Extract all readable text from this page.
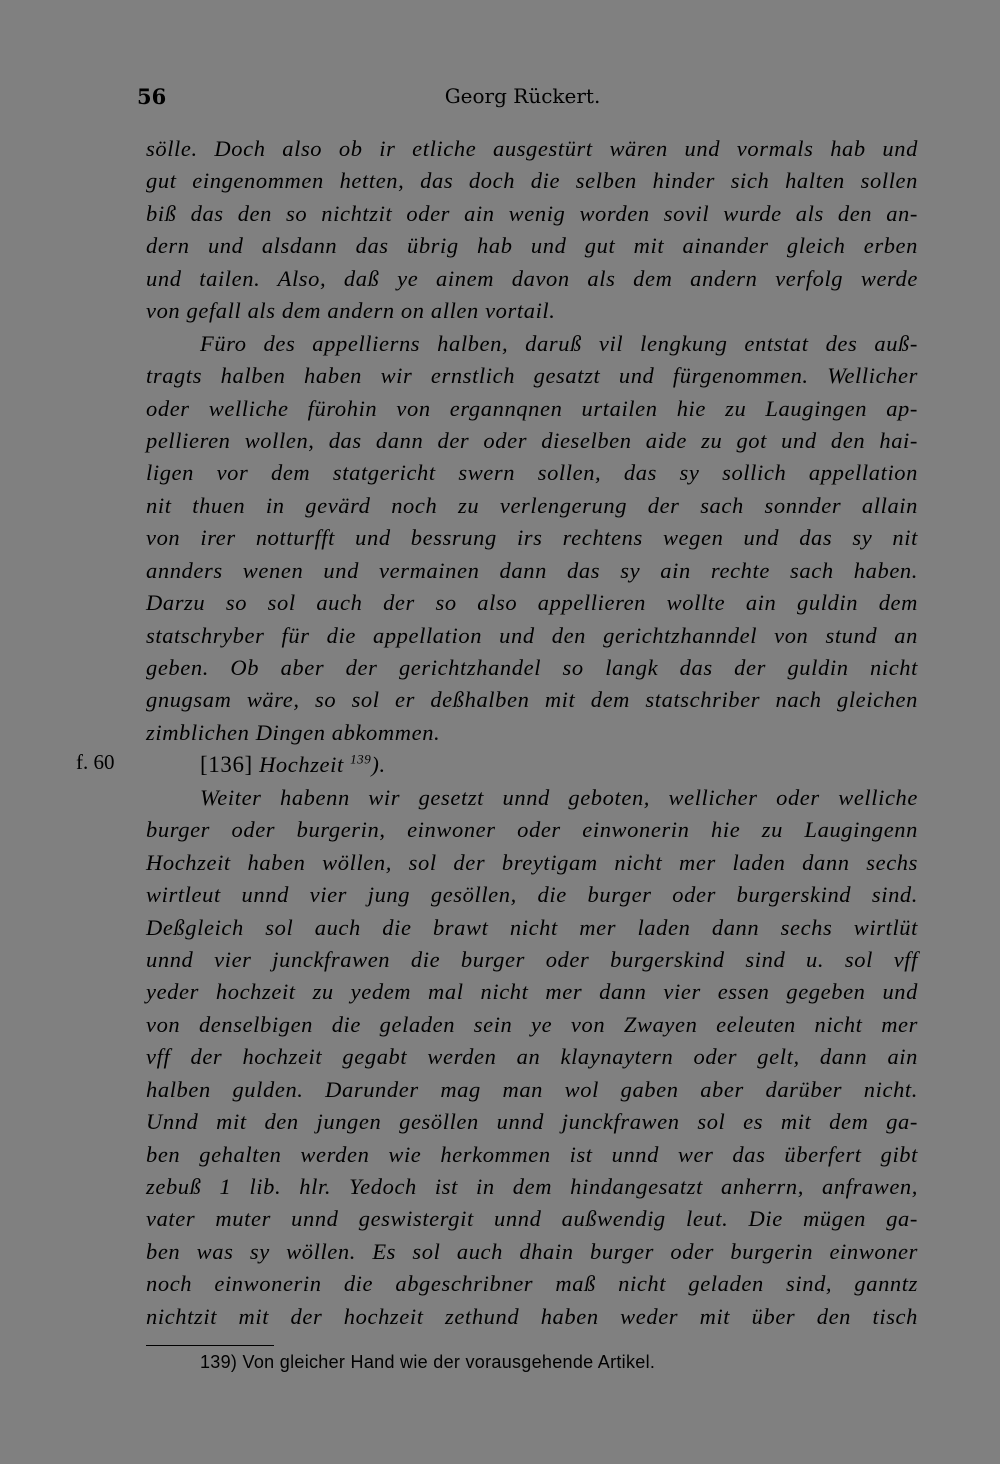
56	Georg Rückert.
f. 60
sölle. Doch also ob ir etliche ausgestürt wären und vormals hab und
gut eingenommen hetten, das doch die selben hinder sich halten sollen
biß das den so nichtzit oder ain wenig worden sovil wurde als den an-
dern und alsdann das übrig hab und gut mit ainander gleich erben
und tailen. Also, daß ye ainem davon als dem andern verfolg werde
von gefall als dem andern on allen vortail.
Füro des appellierns halben, daruß vil lengkung entstat des auß-
tragts halben haben wir ernstlich gesatzt und fürgenommen. Wellicher
oder welliche fürohin von ergannqnen urtailen hie zu Laugingen ap-
pellieren wollen, das dann der oder dieselben aide zu got und den hai-
ligen vor dem statgericht swern sollen, das sy sollich appellation
nit thuen in gevärd noch zu verlengerung der sach sonnder allain
von irer notturfft und bessrung irs rechtens wegen und das sy nit
annders wenen und vermainen dann das sy ain rechte sach haben.
Darzu so sol auch der so also appellieren wollte ain guldin dem
statschryber für die appellation und den gerichtzhanndel von stund an
geben. Ob aber der gerichtzhandel so langk das der guldin nicht
gnugsam wäre, so sol er deßhalben mit dem statschriber nach gleichen
zimblichen Dingen abkommen.
[136] Hochzeit $^{139}$).
Weiter habenn wir gesetzt unnd geboten, wellicher oder welliche
burger oder burgerin, einwoner oder einwonerin hie zu Laugingenn
Hochzeit haben wöllen, sol der breytigam nicht mer laden dann sechs
wirtleut unnd vier jung gesöllen, die burger oder burgerskind sind.
Deßgleich sol auch die brawt nicht mer laden dann sechs wirtlüt
unnd vier junckfrawen die burger oder burgerskind sind u. sol vff
yeder hochzeit zu yedem mal nicht mer dann vier essen gegeben und
von denselbigen die geladen sein ye von Zwayen eeleuten nicht mer
vff der hochzeit gegabt werden an klaynaytern oder gelt, dann ain
halben gulden. Darunder mag man wol gaben aber darüber nicht.
Unnd mit den jungen gesöllen unnd junckfrawen sol es mit dem ga-
ben gehalten werden wie herkommen ist unnd wer das überfert gibt
zebuß 1 lib. hlr. Yedoch ist in dem hindangesatzt anherrn, anfrawen,
vater muter unnd geswistergit unnd außwendig leut. Die mügen ga-
ben was sy wöllen. Es sol auch dhain burger oder burgerin einwoner
noch einwonerin die abgeschribner maß nicht geladen sind, ganntz
nichtzit mit der hochzeit zethund haben weder mit über den tisch
139) Von gleicher Hand wie der vorausgehende Artikel.
